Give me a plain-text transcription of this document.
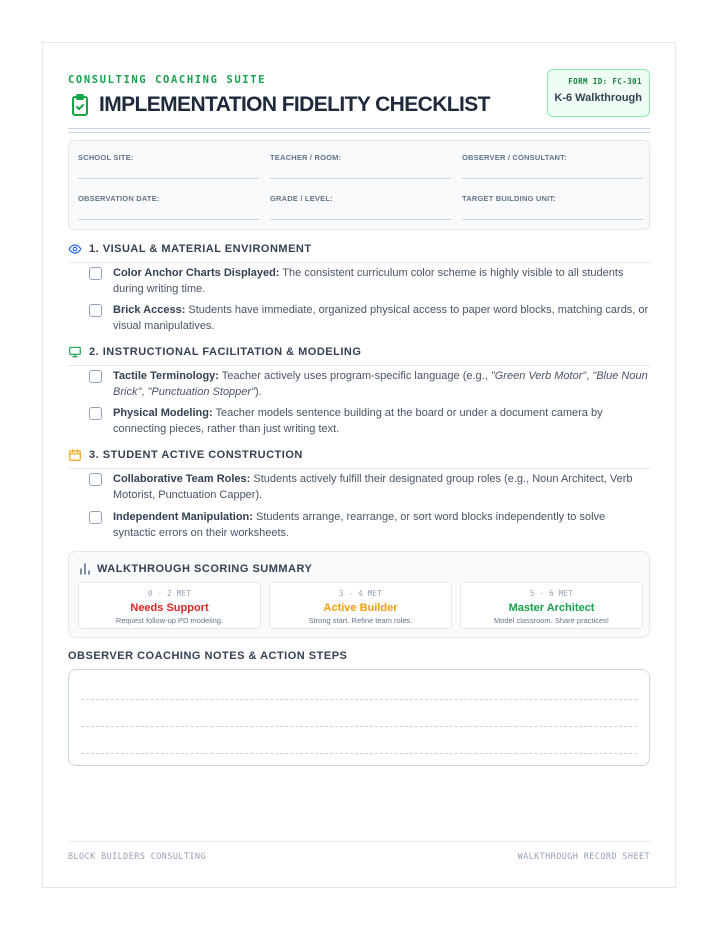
CONSULTING COACHING SUITE
IMPLEMENTATION FIDELITY CHECKLIST
FORM ID: FC-301
K-6 Walkthrough
SCHOOL SITE:	TEACHER / ROOM:	OBSERVER / CONSULTANT:
OBSERVATION DATE:	GRADE / LEVEL:	TARGET BUILDING UNIT:
1. VISUAL & MATERIAL ENVIRONMENT
Color Anchor Charts Displayed: The consistent curriculum color scheme is highly visible to all students during writing time.
Brick Access: Students have immediate, organized physical access to paper word blocks, matching cards, or visual manipulatives.
2. INSTRUCTIONAL FACILITATION & MODELING
Tactile Terminology: Teacher actively uses program-specific language (e.g., "Green Verb Motor", "Blue Noun Brick", "Punctuation Stopper").
Physical Modeling: Teacher models sentence building at the board or under a document camera by connecting pieces, rather than just writing text.
3. STUDENT ACTIVE CONSTRUCTION
Collaborative Team Roles: Students actively fulfill their designated group roles (e.g., Noun Architect, Verb Motorist, Punctuation Capper).
Independent Manipulation: Students arrange, rearrange, or sort word blocks independently to solve syntactic errors on their worksheets.
WALKTHROUGH SCORING SUMMARY
0 - 2 MET
Needs Support
Request follow-up PD modeling.
3 - 4 MET
Active Builder
Strong start. Refine team roles.
5 - 6 MET
Master Architect
Model classroom. Share practices!
OBSERVER COACHING NOTES & ACTION STEPS
BLOCK BUILDERS CONSULTING	WALKTHROUGH RECORD SHEET
